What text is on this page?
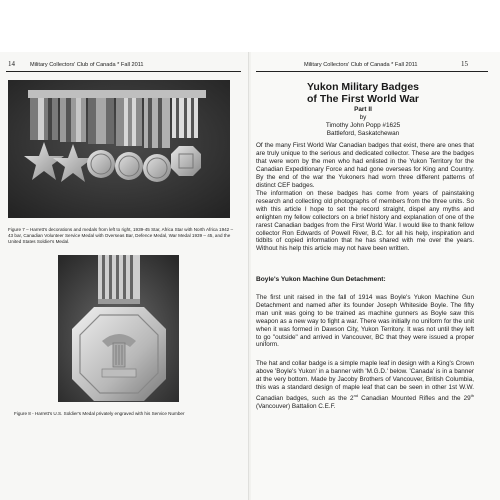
14	Military Collectors' Club of Canada * Fall 2011
Figure 7 – Harrett's decorations and medals from left to right, 1939-45 Star, Africa Star with North Africa 1942 – 43 bar, Canadian Volunteer Service Medal with Overseas Bar, Defence Medal, War Medal 1939 – 45, and the United States Soldier's Medal.
Figure 8 - Harrett's U.S. Soldier's Medal privately engraved with his Service Number
Military Collectors' Club of Canada * Fall 2011	15
Yukon Military Badges
of The First World War
Part II
by
Timothy John Popp #1625
Battleford, Saskatchewan
Of the many First World War Canadian badges that exist, there are ones that are truly unique to the serious and dedicated collector. These are the badges that were worn by the men who had enlisted in the Yukon Territory for the Canadian Expeditionary Force and had gone overseas for King and Country. By the end of the war the Yukoners had worn three different patterns of distinct CEF badges.
The information on these badges has come from years of painstaking research and collecting old photographs of members from the three units. So with this article I hope to set the record straight, dispel any myths and enlighten my fellow collectors on a brief history and explanation of one of the rarest Canadian badges from the First World War. I would like to thank fellow collector Ron Edwards of Powell River, B.C. for all his help, inspiration and tidbits of copied information that he has shared with me over the years. Without his help this article may not have been written.
Boyle's Yukon Machine Gun Detachment:
The first unit raised in the fall of 1914 was Boyle's Yukon Machine Gun Detachment and named after its founder Joseph Whiteside Boyle. The fifty man unit was going to be trained as machine gunners as Boyle saw this weapon as a new way to fight a war. There was initially no uniform for the unit when it was formed in Dawson City, Yukon Territory. It was not until they left to go "outside" and arrived in Vancouver, BC that they were issued a proper uniform.
The hat and collar badge is a simple maple leaf in design with a King's Crown above 'Boyle's Yukon' in a banner with 'M.G.D.' below. 'Canada' is in a banner at the very bottom. Made by Jacoby Brothers of Vancouver, British Columbia, this was a standard design of maple leaf that can be seen in other 1st W.W. Canadian badges, such as the 2nd Canadian Mounted Rifles and the 29th (Vancouver) Battalion C.E.F.
